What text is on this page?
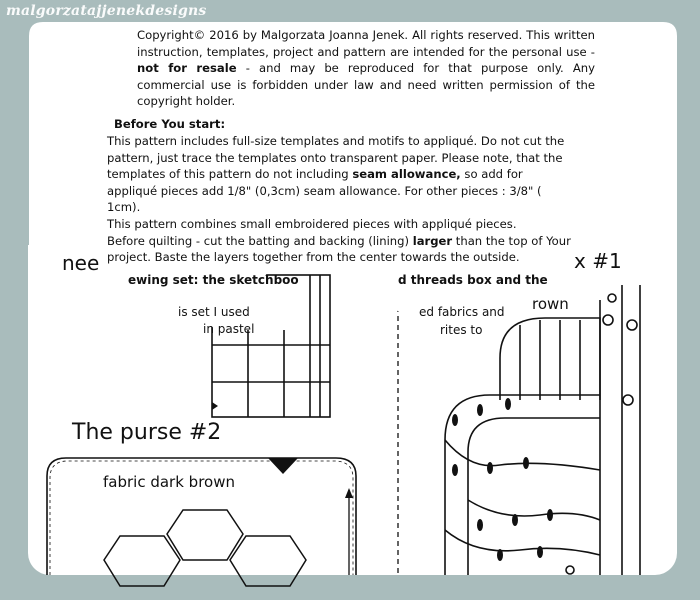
malgorzatajjenekdesigns
nee
ewing set: the sketchboo	d threads box and the
x #1
is set I used
in pastel
ed fabrics and rown
rites to
The purse #2
fabric dark brown
Copyright© 2016 by Malgorzata Joanna Jenek. All rights reserved. This written instruction, templates, project and pattern are intended for the personal use - not for resale - and may be reproduced for that purpose only. Any commercial use is forbidden under law and need written permission of the copyright holder.
Before You start:

This pattern includes full-size templates and motifs to appliqué. Do not cut the pattern, just trace the templates onto transparent paper. Please note, that the

templates of this pattern do not including seam allowance, so add for appliqué pieces add 1/8" (0,3cm) seam allowance. For other pieces : 3/8" ( 1cm).

This pattern combines small embroidered pieces with appliqué pieces.

Before quilting - cut the batting and backing (lining) larger than the top of Your project. Baste the layers together from the center towards the outside.
